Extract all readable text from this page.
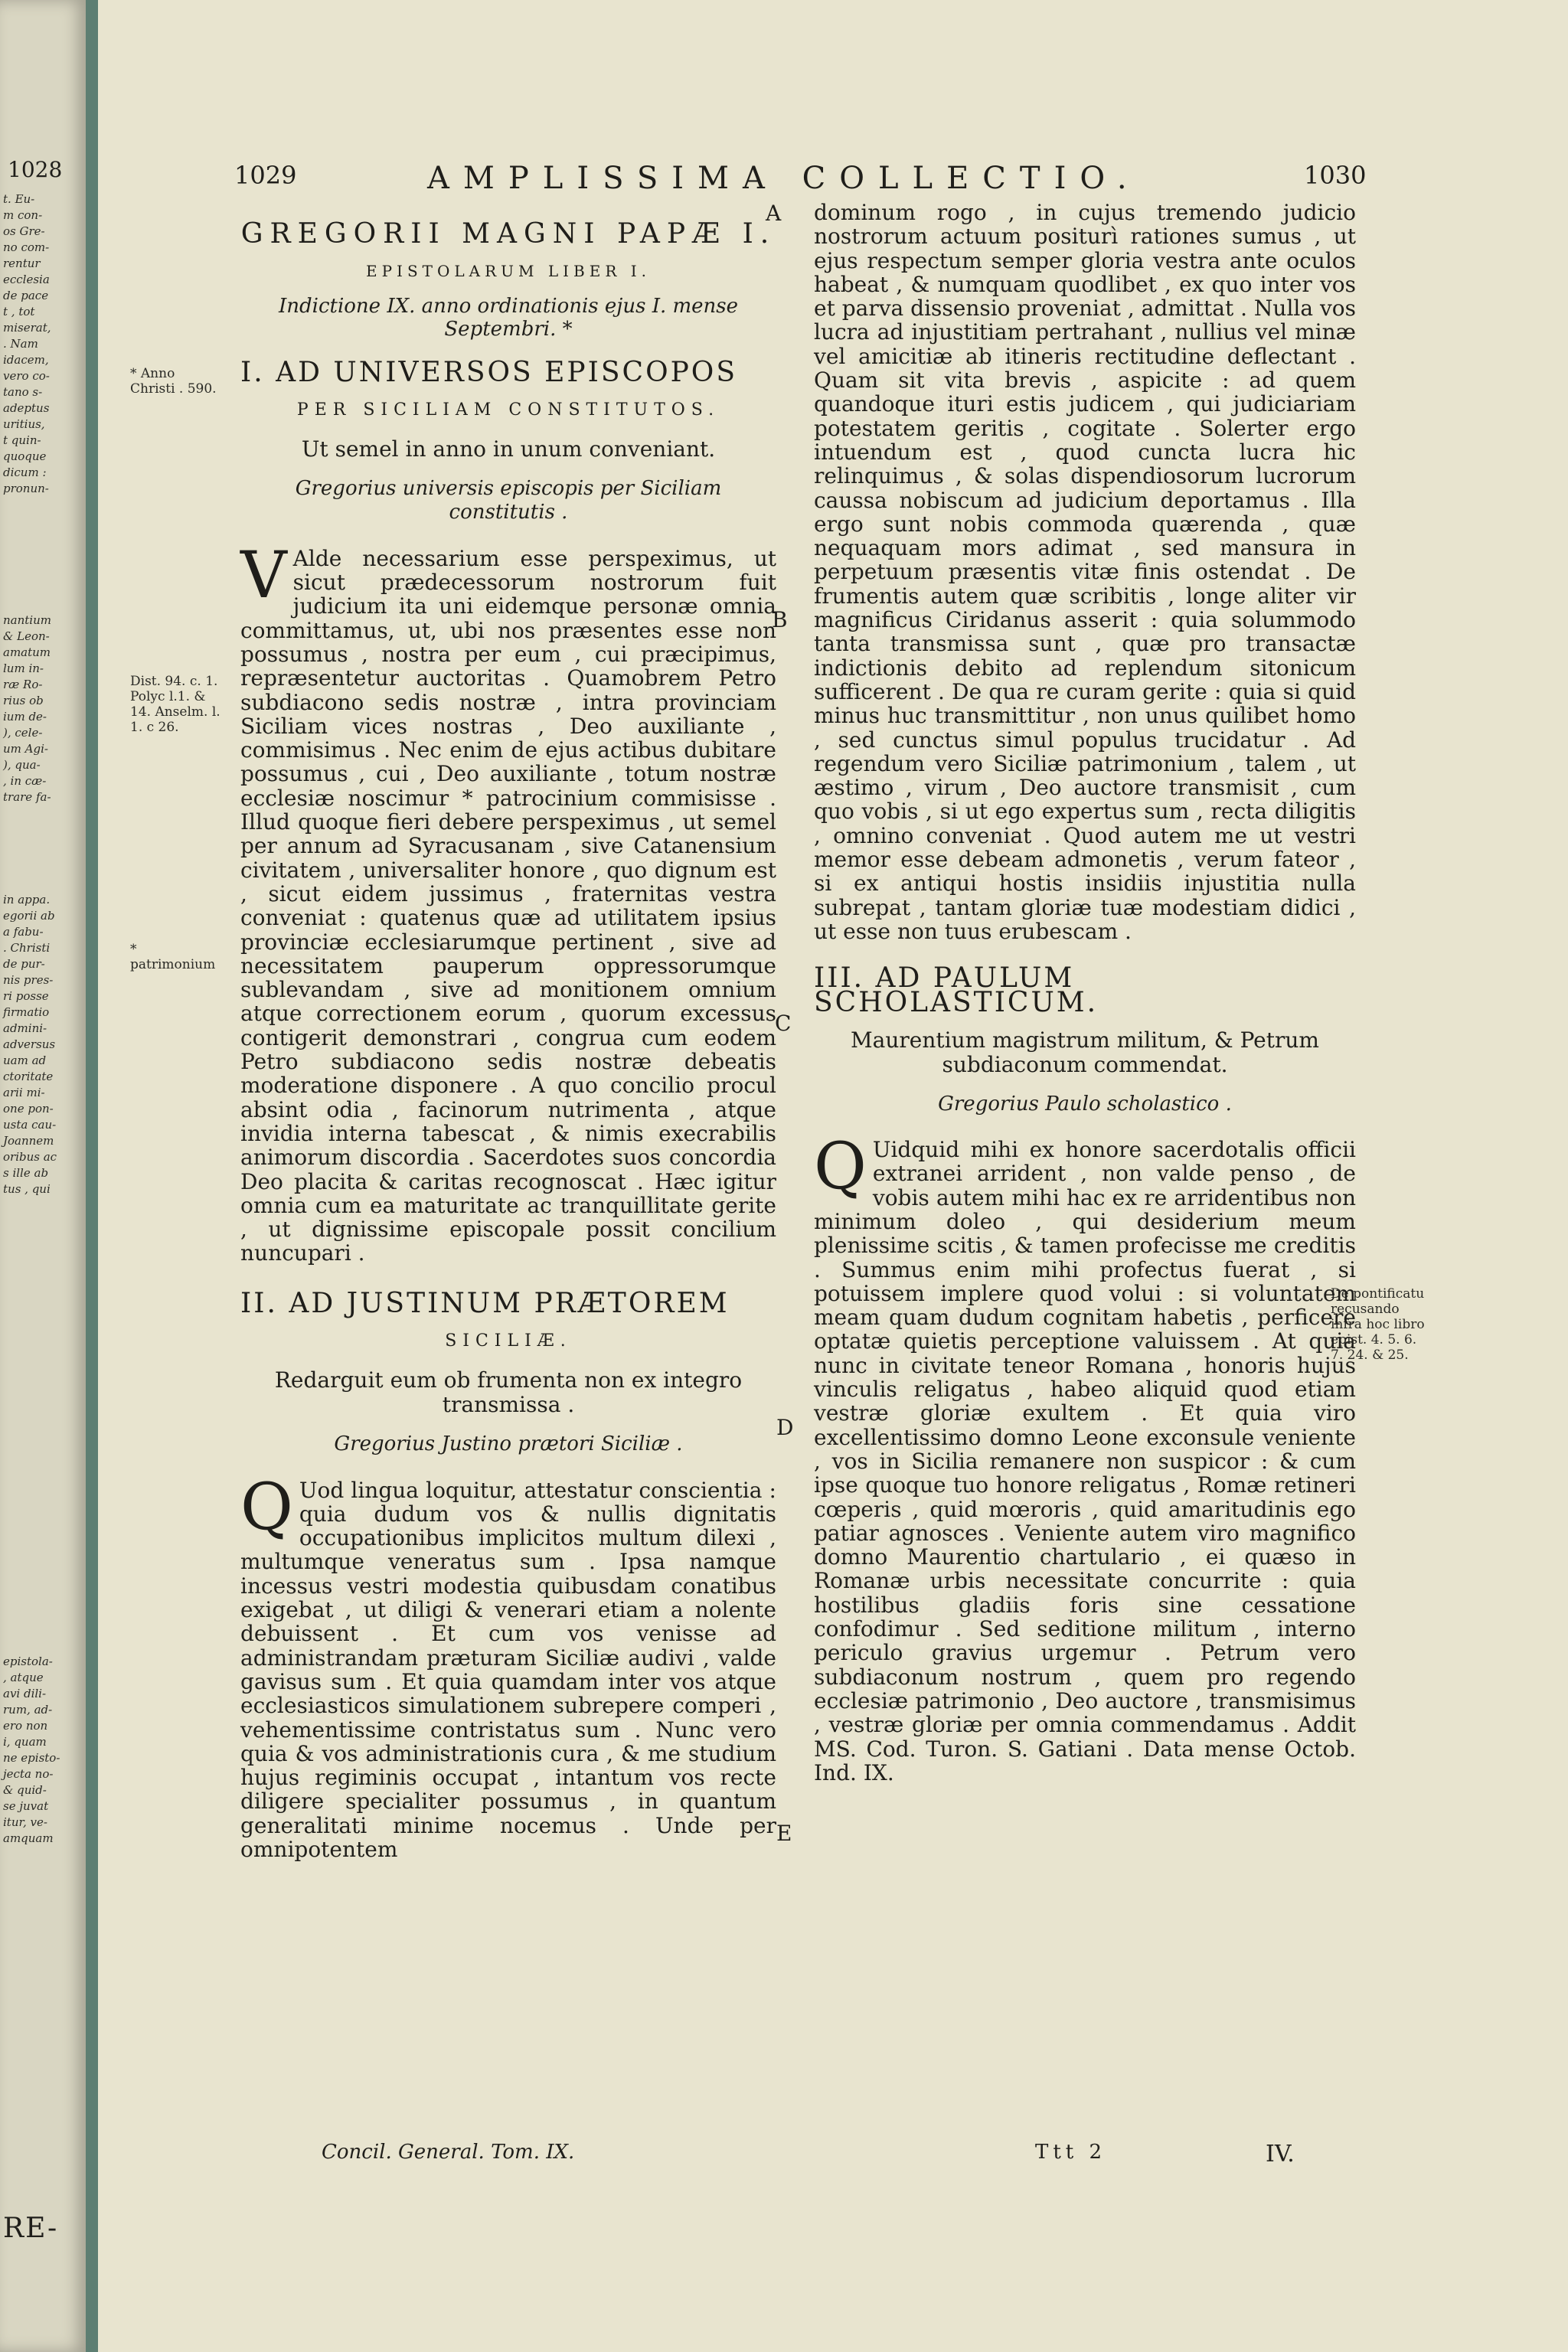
1028
t. Eu-
m con-
os Gre-
no com-
rentur
ecclesia
de pace
t , tot
miserat,
. Nam
idacem,
vero co-
tano s-
adeptus
uritius,
t quin-
quoque
dicum :
pronun-
nantium
& Leon-
amatum
lum in-
ræ Ro-
rius ob
ium de-
), cele-
um Agi-
), qua-
, in cæ-
trare fa-
in appa.
egorii ab
a fabu-
. Christi
de pur-
nis pres-
ri posse
firmatio
admini-
adversus
uam ad
ctoritate
arii mi-
one pon-
usta cau-
Joannem
oribus ac
s ille ab
tus , qui
epistola-
, atque
avi dili-
rum, ad-
ero non
i, quam
ne episto-
jecta no-
& quid-
se juvat
itur, ve-
amquam
RE-
1029	AMPLISSIMA COLLECTIO.	1030
* Anno Christi . 590.
Dist. 94. c. 1. Polyc l.1. & 14. Anselm. l. 1. c 26.
* patrimonium
De pontificatu recusando infra hoc libro epist. 4. 5. 6. 7. 24. & 25.
A
B
C
D
E
GREGORII MAGNI PAPÆ I.
EPISTOLARUM LIBER I.
Indictione IX. anno ordinationis ejus I. mense Septembri. *
I. AD UNIVERSOS EPISCOPOS
PER SICILIAM CONSTITUTOS.
Ut semel in anno in unum conveniant.
Gregorius universis episcopis per Siciliam constitutis .
V Alde necessarium esse perspeximus, ut sicut prædecessorum nostrorum fuit judicium ita uni eidemque personæ omnia committamus, ut, ubi nos præsentes esse non possumus , nostra per eum , cui præcipimus, repræsentetur auctoritas . Quamobrem Petro subdiacono sedis nostræ , intra provinciam Siciliam vices nostras , Deo auxiliante , commisimus . Nec enim de ejus actibus dubitare possumus , cui , Deo auxiliante , totum nostræ ecclesiæ noscimur * patrocinium commisisse . Illud quoque fieri debere perspeximus , ut semel per annum ad Syracusanam , sive Catanensium civitatem , universaliter honore , quo dignum est , sicut eidem jussimus , fraternitas vestra conveniat : quatenus quæ ad utilitatem ipsius provinciæ ecclesiarumque pertinent , sive ad necessitatem pauperum oppressorumque sublevandam , sive ad monitionem omnium atque correctionem eorum , quorum excessus contigerit demonstrari , congrua cum eodem Petro subdiacono sedis nostræ debeatis moderatione disponere . A quo concilio procul absint odia , facinorum nutrimenta , atque invidia interna tabescat , & nimis execrabilis animorum discordia . Sacerdotes suos concordia Deo placita & caritas recognoscat . Hæc igitur omnia cum ea maturitate ac tranquillitate gerite , ut dignissime episcopale possit concilium nuncupari .

II. AD JUSTINUM PRÆTOREM
SICILIÆ.
Redarguit eum ob frumenta non ex integro transmissa .
Gregorius Justino prætori Siciliæ .
Q Uod lingua loquitur, attestatur conscientia : quia dudum vos & nullis dignitatis occupationibus implicitos multum dilexi , multumque veneratus sum . Ipsa namque incessus vestri modestia quibusdam conatibus exigebat , ut diligi & venerari etiam a nolente debuissent . Et cum vos venisse ad administrandam præturam Siciliæ audivi , valde gavisus sum . Et quia quamdam inter vos atque ecclesiasticos simulationem subrepere comperi , vehementissime contristatus sum . Nunc vero quia & vos administrationis cura , & me studium hujus regiminis occupat , intantum vos recte diligere specialiter possumus , in quantum generalitati minime nocemus . Unde per omnipotentem

dominum rogo , in cujus tremendo judicio nostrorum actuum positurì rationes sumus , ut ejus respectum semper gloria vestra ante oculos habeat , & numquam quodlibet , ex quo inter vos et parva dissensio proveniat , admittat . Nulla vos lucra ad injustitiam pertrahant , nullius vel minæ vel amicitiæ ab itineris rectitudine deflectant . Quam sit vita brevis , aspicite : ad quem quandoque ituri estis judicem , qui judiciariam potestatem geritis , cogitate . Solerter ergo intuendum est , quod cuncta lucra hic relinquimus , & solas dispendiosorum lucrorum caussa nobiscum ad judicium deportamus . Illa ergo sunt nobis commoda quærenda , quæ nequaquam mors adimat , sed mansura in perpetuum præsentis vitæ finis ostendat . De frumentis autem quæ scribitis , longe aliter vir magnificus Ciridanus asserit : quia solummodo tanta transmissa sunt , quæ pro transactæ indictionis debito ad replendum sitonicum sufficerent . De qua re curam gerite : quia si quid minus huc transmittitur , non unus quilibet homo , sed cunctus simul populus trucidatur . Ad regendum vero Siciliæ patrimonium , talem , ut æstimo , virum , Deo auctore transmisit , cum quo vobis , si ut ego expertus sum , recta diligitis , omnino conveniat . Quod autem me ut vestri memor esse debeam admonetis , verum fateor , si ex antiqui hostis insidiis injustitia nulla subrepat , tantam gloriæ tuæ modestiam didici , ut esse non tuus erubescam .

III. AD PAULUM SCHOLASTICUM.
Maurentium magistrum militum, & Petrum subdiaconum commendat.
Gregorius Paulo scholastico .
Q Uidquid mihi ex honore sacerdotalis officii extranei arrident , non valde penso , de vobis autem mihi hac ex re arridentibus non minimum doleo , qui desiderium meum plenissime scitis , & tamen profecisse me creditis . Summus enim mihi profectus fuerat , si potuissem implere quod volui : si voluntatem meam quam dudum cognitam habetis , perficere optatæ quietis perceptione valuissem . At quia nunc in civitate teneor Romana , honoris hujus vinculis religatus , habeo aliquid quod etiam vestræ gloriæ exultem . Et quia viro excellentissimo domno Leone exconsule veniente , vos in Sicilia remanere non suspicor : & cum ipse quoque tuo honore religatus , Romæ retineri cœperis , quid mœroris , quid amaritudinis ego patiar agnosces . Veniente autem viro magnifico domno Maurentio chartulario , ei quæso in Romanæ urbis necessitate concurrite : quia hostilibus gladiis foris sine cessatione confodimur . Sed seditione militum , interno periculo gravius urgemur . Petrum vero subdiaconum nostrum , quem pro regendo ecclesiæ patrimonio , Deo auctore , transmisimus , vestræ gloriæ per omnia commendamus . Addit MS. Cod. Turon. S. Gatiani . Data mense Octob. Ind. IX.

Concil. General. Tom. IX.	Ttt 2	IV.
